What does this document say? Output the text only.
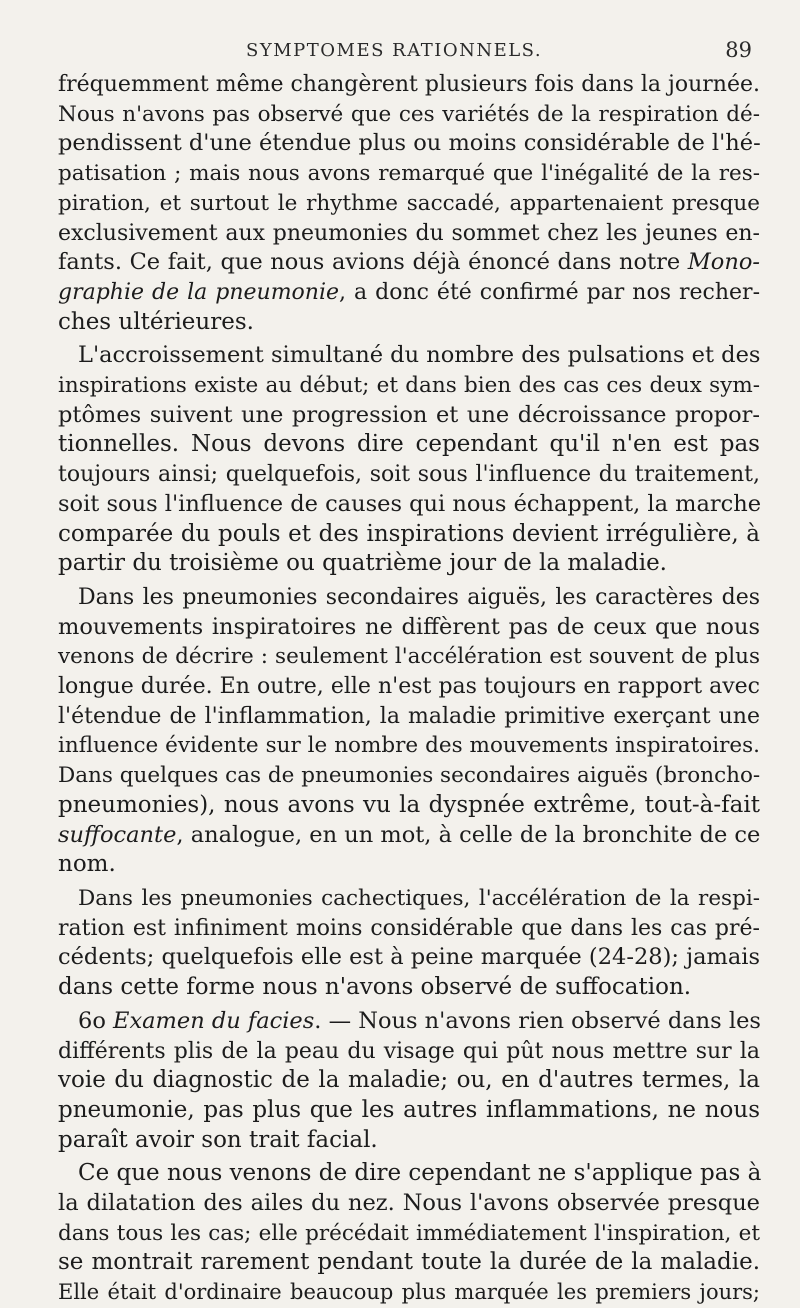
SYMPTOMES RATIONNELS.	89
fréquemment même changèrent plusieurs fois dans la journée.
Nous n'avons pas observé que ces variétés de la respiration dé-
pendissent d'une étendue plus ou moins considérable de l'hé-
patisation ; mais nous avons remarqué que l'inégalité de la res-
piration, et surtout le rhythme saccadé, appartenaient presque
exclusivement aux pneumonies du sommet chez les jeunes en-
fants. Ce fait, que nous avions déjà énoncé dans notre Mono-
graphie de la pneumonie, a donc été confirmé par nos recher-
ches ultérieures.
L'accroissement simultané du nombre des pulsations et des
inspirations existe au début; et dans bien des cas ces deux sym-
ptômes suivent une progression et une décroissance propor-
tionnelles. Nous devons dire cependant qu'il n'en est pas
toujours ainsi; quelquefois, soit sous l'influence du traitement,
soit sous l'influence de causes qui nous échappent, la marche
comparée du pouls et des inspirations devient irrégulière, à
partir du troisième ou quatrième jour de la maladie.
Dans les pneumonies secondaires aiguës, les caractères des
mouvements inspiratoires ne diffèrent pas de ceux que nous
venons de décrire : seulement l'accélération est souvent de plus
longue durée. En outre, elle n'est pas toujours en rapport avec
l'étendue de l'inflammation, la maladie primitive exerçant une
influence évidente sur le nombre des mouvements inspiratoires.
Dans quelques cas de pneumonies secondaires aiguës (broncho-
pneumonies), nous avons vu la dyspnée extrême, tout-à-fait
suffocante, analogue, en un mot, à celle de la bronchite de ce
nom.
Dans les pneumonies cachectiques, l'accélération de la respi-
ration est infiniment moins considérable que dans les cas pré-
cédents; quelquefois elle est à peine marquée (24-28); jamais
dans cette forme nous n'avons observé de suffocation.
6o Examen du facies. — Nous n'avons rien observé dans les
différents plis de la peau du visage qui pût nous mettre sur la
voie du diagnostic de la maladie; ou, en d'autres termes, la
pneumonie, pas plus que les autres inflammations, ne nous
paraît avoir son trait facial.
Ce que nous venons de dire cependant ne s'applique pas à
la dilatation des ailes du nez. Nous l'avons observée presque
dans tous les cas; elle précédait immédiatement l'inspiration, et
se montrait rarement pendant toute la durée de la maladie.
Elle était d'ordinaire beaucoup plus marquée les premiers jours;
